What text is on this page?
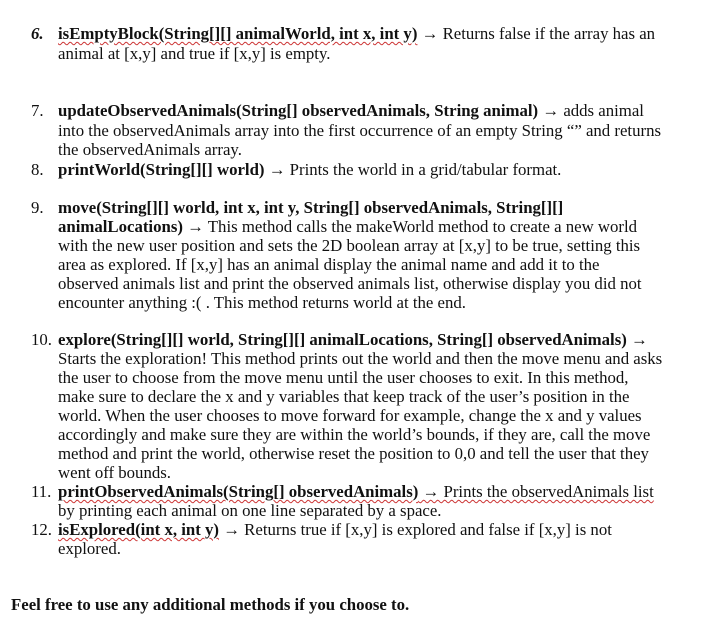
6. isEmptyBlock(String[][] animalWorld, int x, int y) → Returns false if the array has an
animal at [x,y] and true if [x,y] is empty.
7. updateObservedAnimals(String[] observedAnimals, String animal) → adds animal
into the observedAnimals array into the first occurrence of an empty String “” and returns
the observedAnimals array.
8. printWorld(String[][] world) → Prints the world in a grid/tabular format.
9. move(String[][] world, int x, int y, String[] observedAnimals, String[][]
animalLocations) → This method calls the makeWorld method to create a new world
with the new user position and sets the 2D boolean array at [x,y] to be true, setting this
area as explored. If [x,y] has an animal display the animal name and add it to the
observed animals list and print the observed animals list, otherwise display you did not
encounter anything :( . This method returns world at the end.
10. explore(String[][] world, String[][] animalLocations, String[] observedAnimals) →
Starts the exploration! This method prints out the world and then the move menu and asks
the user to choose from the move menu until the user chooses to exit. In this method,
make sure to declare the x and y variables that keep track of the user’s position in the
world. When the user chooses to move forward for example, change the x and y values
accordingly and make sure they are within the world’s bounds, if they are, call the move
method and print the world, otherwise reset the position to 0,0 and tell the user that they
went off bounds.
11. printObservedAnimals(String[] observedAnimals) → Prints the observedAnimals list
by printing each animal on one line separated by a space.
12. isExplored(int x, int y) → Returns true if [x,y] is explored and false if [x,y] is not
explored.
Feel free to use any additional methods if you choose to.
